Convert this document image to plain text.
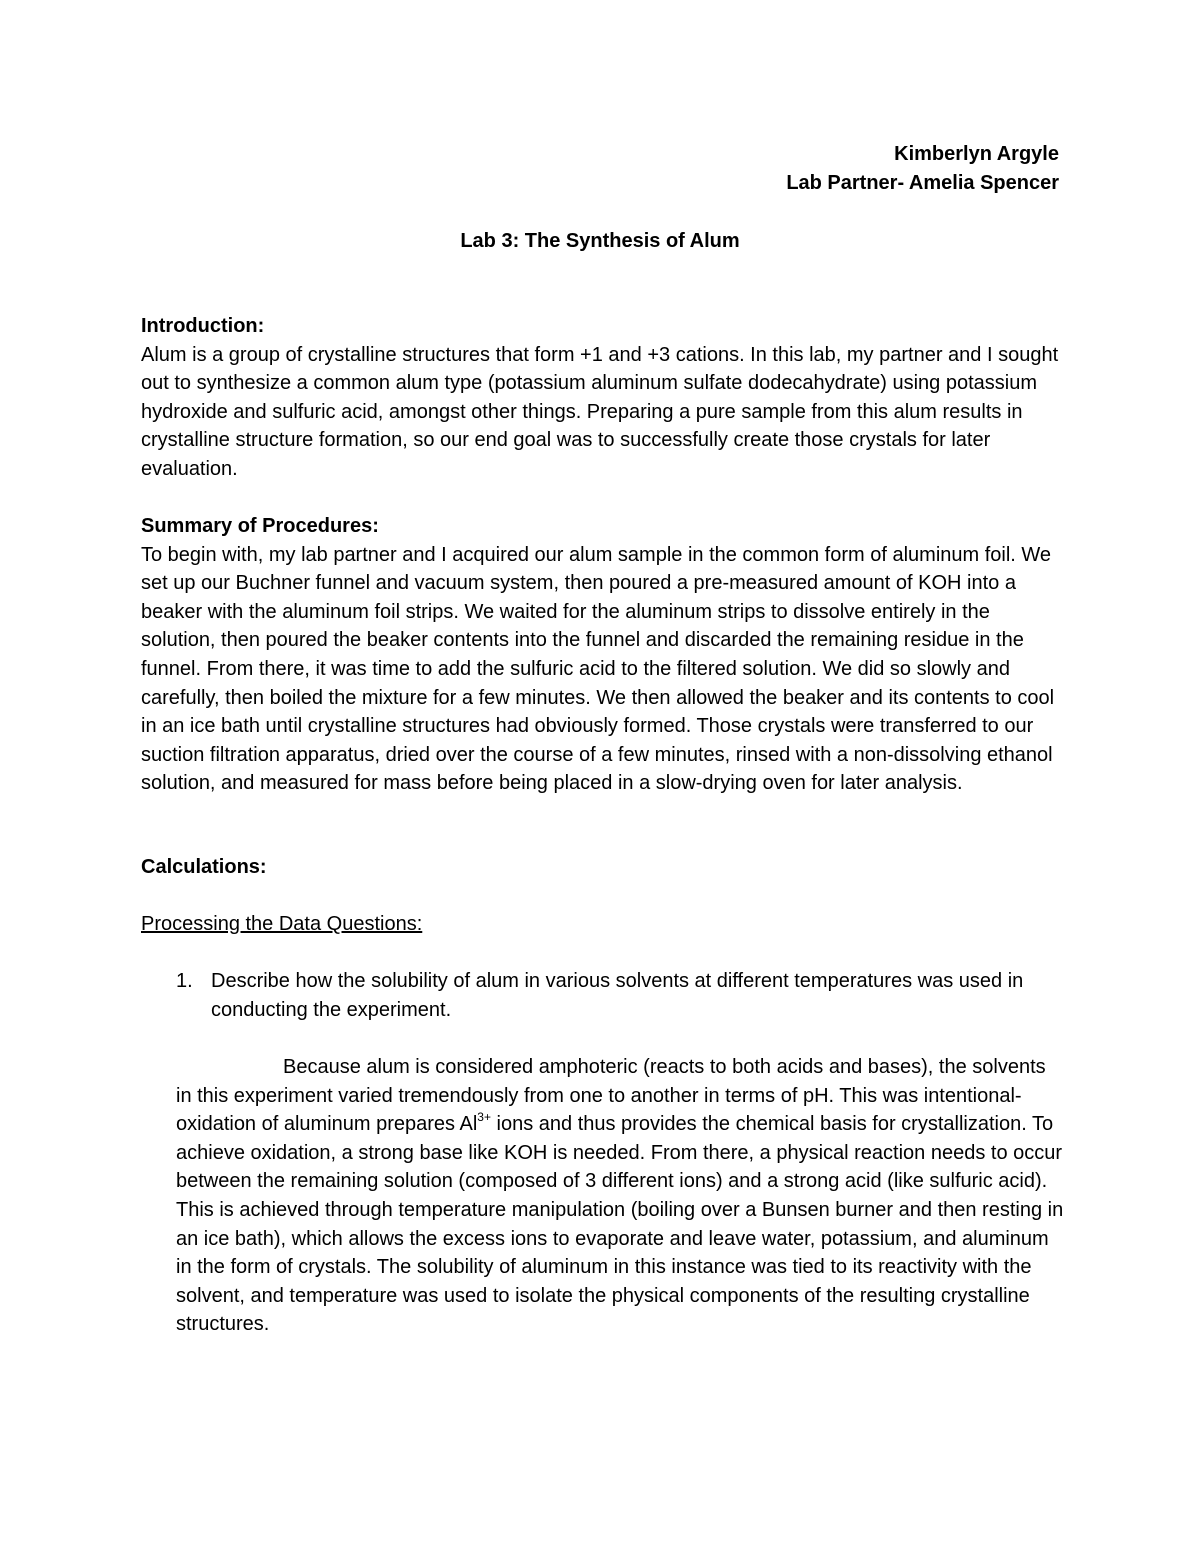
Kimberlyn Argyle
Lab Partner- Amelia Spencer
Lab 3: The Synthesis of Alum
Introduction:

Alum is a group of crystalline structures that form +1 and +3 cations. In this lab, my partner and I sought out to synthesize a common alum type (potassium aluminum sulfate dodecahydrate) using potassium hydroxide and sulfuric acid, amongst other things. Preparing a pure sample from this alum results in crystalline structure formation, so our end goal was to successfully create those crystals for later evaluation.

Summary of Procedures:

To begin with, my lab partner and I acquired our alum sample in the common form of aluminum foil. We set up our Buchner funnel and vacuum system, then poured a pre-measured amount of KOH into a beaker with the aluminum foil strips. We waited for the aluminum strips to dissolve entirely in the solution, then poured the beaker contents into the funnel and discarded the remaining residue in the funnel. From there, it was time to add the sulfuric acid to the filtered solution. We did so slowly and carefully, then boiled the mixture for a few minutes. We then allowed the beaker and its contents to cool in an ice bath until crystalline structures had obviously formed. Those crystals were transferred to our suction filtration apparatus, dried over the course of a few minutes, rinsed with a non-dissolving ethanol solution, and measured for mass before being placed in a slow-drying oven for later analysis.

Calculations:
Processing the Data Questions:
1. Describe how the solubility of alum in various solvents at different temperatures was used in conducting the experiment.
Because alum is considered amphoteric (reacts to both acids and bases), the solvents in this experiment varied tremendously from one to another in terms of pH. This was intentional- oxidation of aluminum prepares $Al^{3+}$ ions and thus provides the chemical basis for crystallization. To achieve oxidation, a strong base like KOH is needed. From there, a physical reaction needs to occur between the remaining solution (composed of 3 different ions) and a strong acid (like sulfuric acid). This is achieved through temperature manipulation (boiling over a Bunsen burner and then resting in an ice bath), which allows the excess ions to evaporate and leave water, potassium, and aluminum in the form of crystals. The solubility of aluminum in this instance was tied to its reactivity with the solvent, and temperature was used to isolate the physical components of the resulting crystalline structures.
